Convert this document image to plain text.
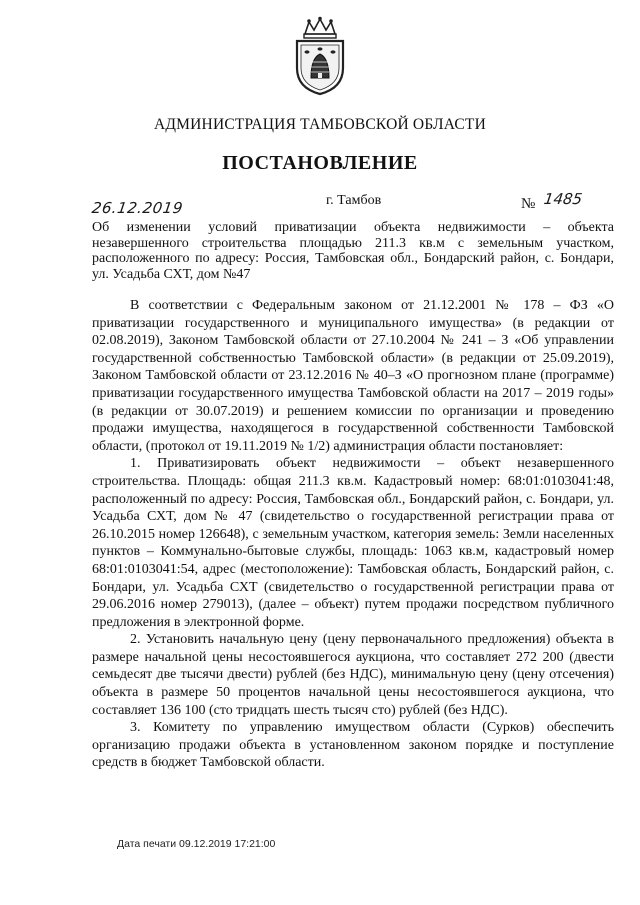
АДМИНИСТРАЦИЯ ТАМБОВСКОЙ ОБЛАСТИ
ПОСТАНОВЛЕНИЕ
26.12.2019	г. Тамбов	№ 1485
Об изменении условий приватизации объекта недвижимости – объекта незавершенного строительства площадью 211.3 кв.м с земельным участком, расположенного по адресу: Россия, Тамбовская обл., Бондарский район, с. Бондари, ул. Усадьба СХТ, дом №47

В соответствии с Федеральным законом от 21.12.2001 № 178 – ФЗ «О приватизации государственного и муниципального имущества» (в редакции от 02.08.2019), Законом Тамбовской области от 27.10.2004 № 241 – З «Об управлении государственной собственностью Тамбовской области» (в редакции от 25.09.2019), Законом Тамбовской области от 23.12.2016 № 40–З «О прогнозном плане (программе) приватизации государственного имущества Тамбовской области на 2017 – 2019 годы» (в редакции от 30.07.2019) и решением комиссии по организации и проведению продажи имущества, находящегося в государственной собственности Тамбовской области, (протокол от 19.11.2019 № 1/2) администрация области постановляет:

1. Приватизировать объект недвижимости – объект незавершенного строительства. Площадь: общая 211.3 кв.м. Кадастровый номер: 68:01:0103041:48, расположенный по адресу: Россия, Тамбовская обл., Бондарский район, с. Бондари, ул. Усадьба СХТ, дом № 47 (свидетельство о государственной регистрации права от 26.10.2015 номер 126648), с земельным участком, категория земель: Земли населенных пунктов – Коммунально-бытовые службы, площадь: 1063 кв.м, кадастровый номер 68:01:0103041:54, адрес (местоположение): Тамбовская область, Бондарский район, с. Бондари, ул. Усадьба СХТ (свидетельство о государственной регистрации права от 29.06.2016 номер 279013), (далее – объект) путем продажи посредством публичного предложения в электронной форме.

2. Установить начальную цену (цену первоначального предложения) объекта в размере начальной цены несостоявшегося аукциона, что составляет 272 200 (двести семьдесят две тысячи двести) рублей (без НДС), минимальную цену (цену отсечения) объекта в размере 50 процентов начальной цены несостоявшегося аукциона, что составляет 136 100 (сто тридцать шесть тысяч сто) рублей (без НДС).

3. Комитету по управлению имуществом области (Сурков) обеспечить организацию продажи объекта в установленном законом порядке и поступление средств в бюджет Тамбовской области.

Дата печати 09.12.2019 17:21:00
